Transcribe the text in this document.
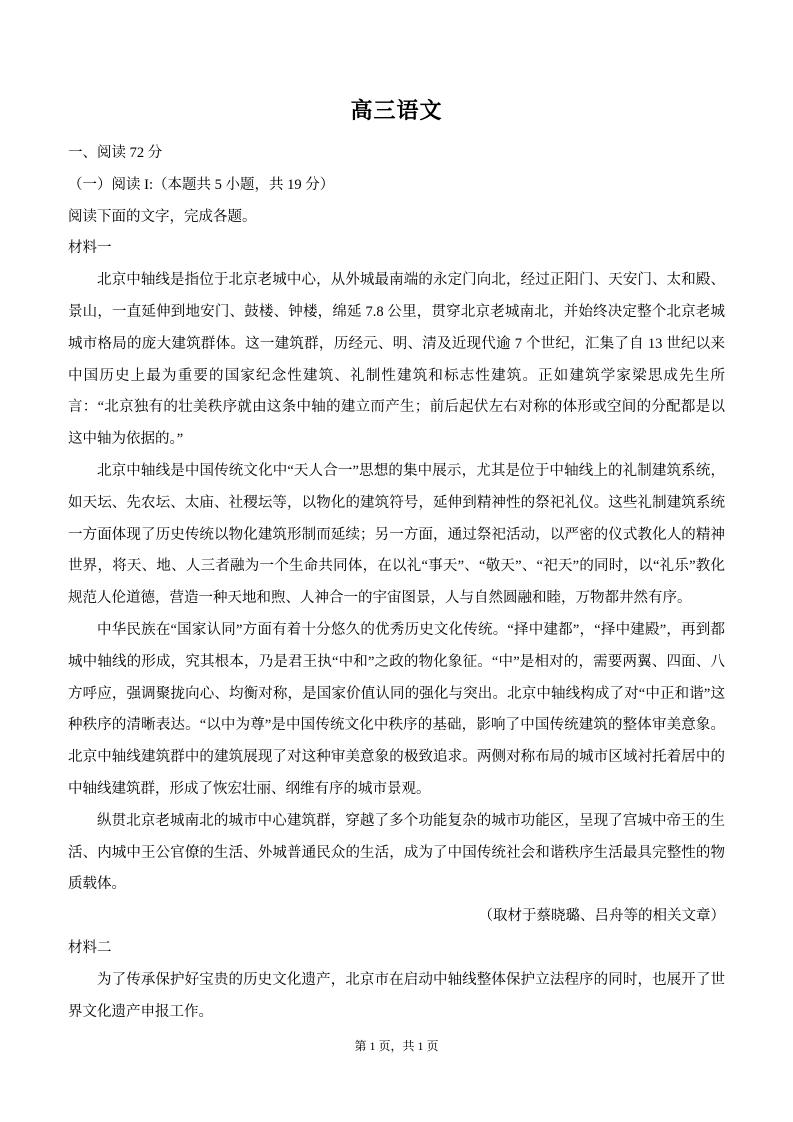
高三语文

一、阅读 72 分

（一）阅读 I:（本题共 5 小题，共 19 分）

阅读下面的文字，完成各题。

材料一

北京中轴线是指位于北京老城中心，从外城最南端的永定门向北，经过正阳门、天安门、太和殿、景山，一直延伸到地安门、鼓楼、钟楼，绵延 7.8 公里，贯穿北京老城南北，并始终决定整个北京老城城市格局的庞大建筑群体。这一建筑群，历经元、明、清及近现代逾 7 个世纪，汇集了自 13 世纪以来中国历史上最为重要的国家纪念性建筑、礼制性建筑和标志性建筑。正如建筑学家梁思成先生所言：“北京独有的壮美秩序就由这条中轴的建立而产生；前后起伏左右对称的体形或空间的分配都是以这中轴为依据的。”

北京中轴线是中国传统文化中“天人合一”思想的集中展示，尤其是位于中轴线上的礼制建筑系统，如天坛、先农坛、太庙、社稷坛等，以物化的建筑符号，延伸到精神性的祭祀礼仪。这些礼制建筑系统一方面体现了历史传统以物化建筑形制而延续；另一方面，通过祭祀活动，以严密的仪式教化人的精神世界，将天、地、人三者融为一个生命共同体，在以礼“事天”、“敬天”、“祀天”的同时，以“礼乐”教化规范人伦道德，营造一种天地和煦、人神合一的宇宙图景，人与自然圆融和睦，万物都井然有序。

中华民族在“国家认同”方面有着十分悠久的优秀历史文化传统。“择中建都”，“择中建殿”，再到都城中轴线的形成，究其根本，乃是君王执“中和”之政的物化象征。“中”是相对的，需要两翼、四面、八方呼应，强调聚拢向心、均衡对称，是国家价值认同的强化与突出。北京中轴线构成了对“中正和谐”这种秩序的清晰表达。“以中为尊”是中国传统文化中秩序的基础，影响了中国传统建筑的整体审美意象。北京中轴线建筑群中的建筑展现了对这种审美意象的极致追求。两侧对称布局的城市区域衬托着居中的中轴线建筑群，形成了恢宏壮丽、纲维有序的城市景观。

纵贯北京老城南北的城市中心建筑群，穿越了多个功能复杂的城市功能区，呈现了宫城中帝王的生活、内城中王公官僚的生活、外城普通民众的生活，成为了中国传统社会和谐秩序生活最具完整性的物质载体。

（取材于蔡晓璐、吕舟等的相关文章）

材料二

为了传承保护好宝贵的历史文化遗产，北京市在启动中轴线整体保护立法程序的同时，也展开了世界文化遗产申报工作。

第 1 页，共 1 页
